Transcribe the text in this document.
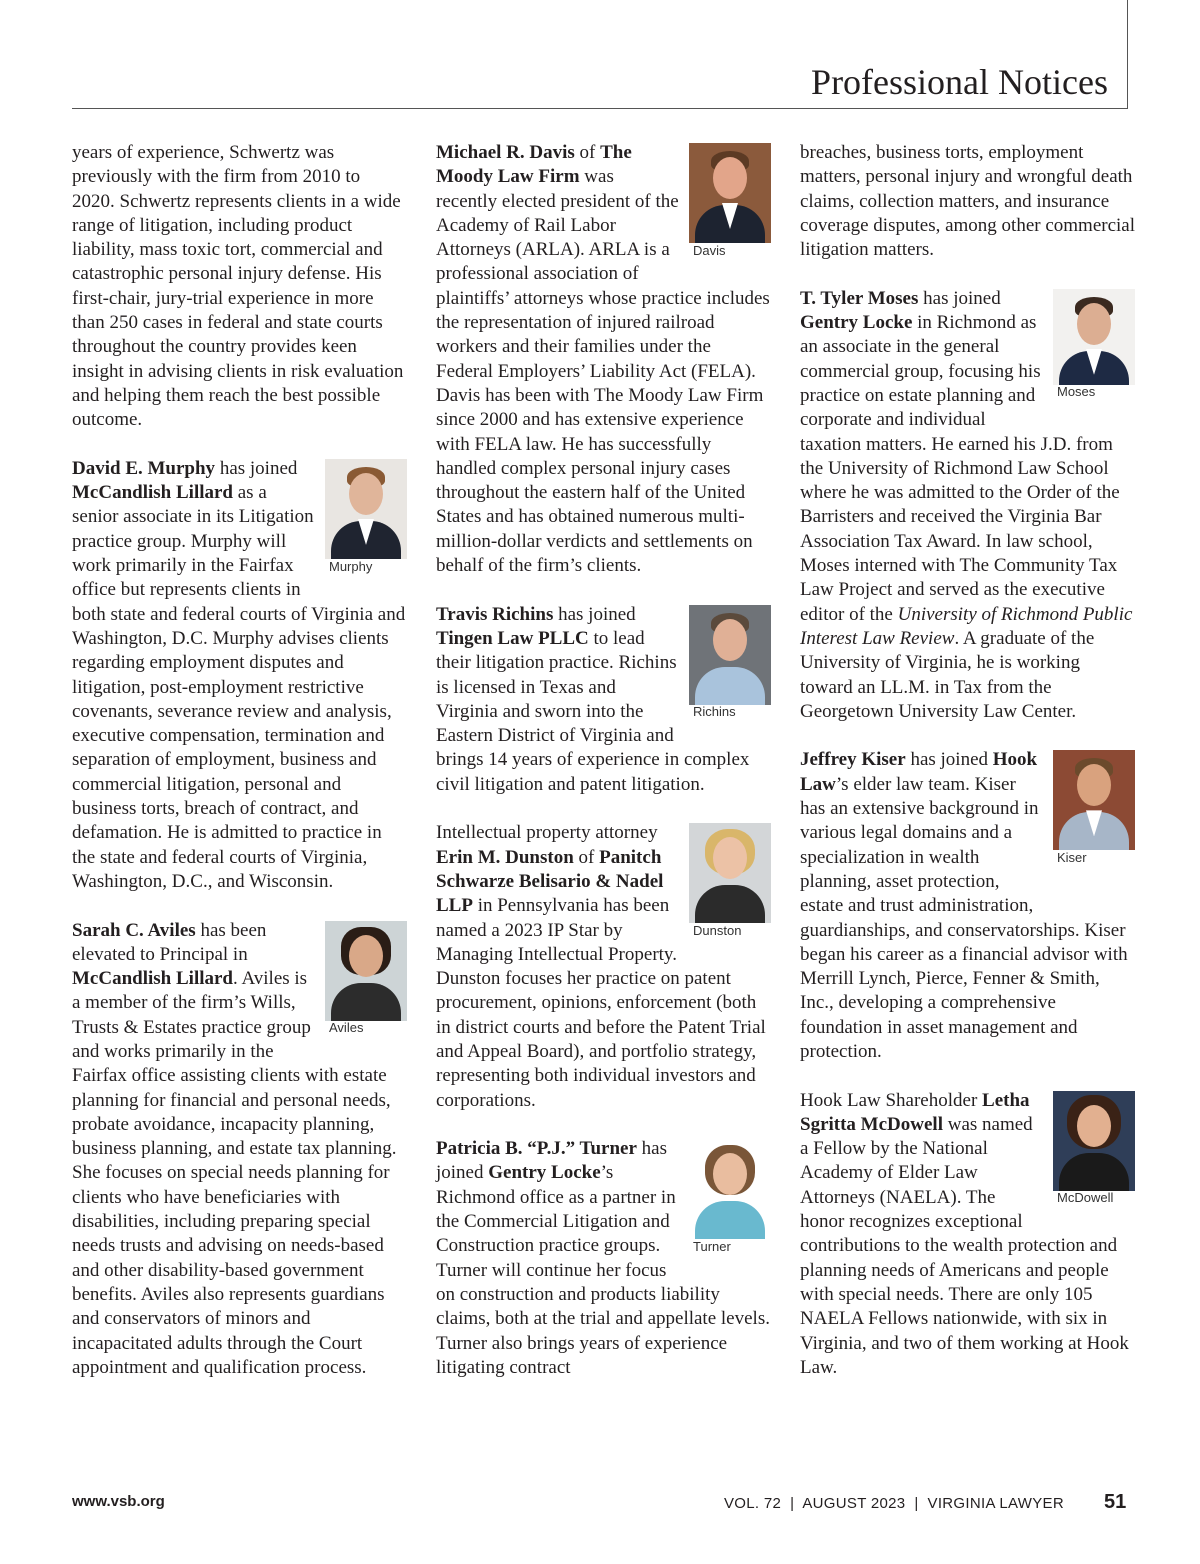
Professional Notices

years of experience, Schwertz was previously with the firm from 2010 to 2020. Schwertz represents clients in a wide range of litigation, including product liability, mass toxic tort, commercial and catastrophic personal injury defense. His first-chair, jury-trial experience in more than 250 cases in federal and state courts throughout the country provides keen insight in advising clients in risk evaluation and helping them reach the best possible outcome.

Murphy
David E. Murphy has joined McCandlish Lillard as a senior associate in its Litigation practice group. Murphy will work primarily in the Fairfax office but represents clients in both state and federal courts of Virginia and Washington, D.C. Murphy advises clients regarding employment disputes and litigation, post-employment restrictive covenants, severance review and analysis, executive compensation, termination and separation of employment, business and commercial litigation, personal and business torts, breach of contract, and defamation. He is admitted to practice in the state and federal courts of Virginia, Washington, D.C., and Wisconsin.

Aviles
Sarah C. Aviles has been elevated to Principal in McCandlish Lillard. Aviles is a member of the firm’s Wills, Trusts & Estates practice group and works primarily in the Fairfax office assisting clients with estate planning for financial and personal needs, probate avoidance, incapacity planning, business planning, and estate tax planning. She focuses on special needs planning for clients who have beneficiaries with disabilities, including preparing special needs trusts and advising on needs-based and other disability-based government benefits. Aviles also represents guardians and conservators of minors and incapacitated adults through the Court appointment and qualification process.

Davis
Michael R. Davis of The Moody Law Firm was recently elected president of the Academy of Rail Labor Attorneys (ARLA). ARLA is a professional association of plaintiffs’ attorneys whose practice includes the representation of injured railroad workers and their families under the Federal Employers’ Liability Act (FELA). Davis has been with The Moody Law Firm since 2000 and has extensive experience with FELA law. He has successfully handled complex personal injury cases throughout the eastern half of the United States and has obtained numerous multi-million-dollar verdicts and settlements on behalf of the firm’s clients.

Richins
Travis Richins has joined Tingen Law PLLC to lead their litigation practice. Richins is licensed in Texas and Virginia and sworn into the Eastern District of Virginia and brings 14 years of experience in complex civil litigation and patent litigation.

Dunston
Intellectual property attorney Erin M. Dunston of Panitch Schwarze Belisario & Nadel LLP in Pennsylvania has been named a 2023 IP Star by Managing Intellectual Property. Dunston focuses her practice on patent procurement, opinions, enforcement (both in district courts and before the Patent Trial and Appeal Board), and portfolio strategy, representing both individual investors and corporations.

Turner
Patricia B. “P.J.” Turner has joined Gentry Locke’s Richmond office as a partner in the Commercial Litigation and Construction practice groups. Turner will continue her focus on construction and products liability claims, both at the trial and appellate levels. Turner also brings years of experience litigating contract

breaches, business torts, employment matters, personal injury and wrongful death claims, collection matters, and insurance coverage disputes, among other commercial litigation matters.

Moses
T. Tyler Moses has joined Gentry Locke in Richmond as an associate in the general commercial group, focusing his practice on estate planning and corporate and individual taxation matters. He earned his J.D. from the University of Richmond Law School where he was admitted to the Order of the Barristers and received the Virginia Bar Association Tax Award. In law school, Moses interned with The Community Tax Law Project and served as the executive editor of the University of Richmond Public Interest Law Review. A graduate of the University of Virginia, he is working toward an LL.M. in Tax from the Georgetown University Law Center.

Kiser
Jeffrey Kiser has joined Hook Law’s elder law team. Kiser has an extensive background in various legal domains and a specialization in wealth planning, asset protection, estate and trust administration, guardianships, and conservatorships. Kiser began his career as a financial advisor with Merrill Lynch, Pierce, Fenner & Smith, Inc., developing a comprehensive foundation in asset management and protection.

McDowell
Hook Law Shareholder Letha Sgritta McDowell was named a Fellow by the National Academy of Elder Law Attorneys (NAELA). The honor recognizes exceptional contributions to the wealth protection and planning needs of Americans and people with special needs. There are only 105 NAELA Fellows nationwide, with six in Virginia, and two of them working at Hook Law.

www.vsb.org	VOL. 72  |  AUGUST 2023  |  VIRGINIA LAWYER 51
